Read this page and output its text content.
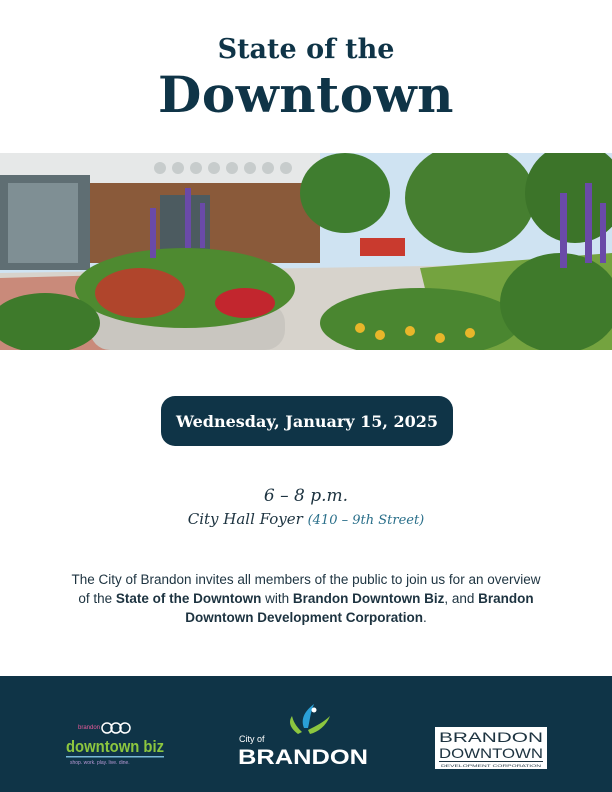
State of the
Downtown
Wednesday, January 15, 2025
6 – 8 p.m.
City Hall Foyer (410 – 9th Street)
The City of Brandon invites all members of the public to join us for an overview of the State of the Downtown with Brandon Downtown Biz, and Brandon Downtown Development Corporation.
brandon
downtown biz
shop. work. play. live. dine.
City of
BRANDON
BRANDON
DOWNTOWN
DEVELOPMENT CORPORATION
